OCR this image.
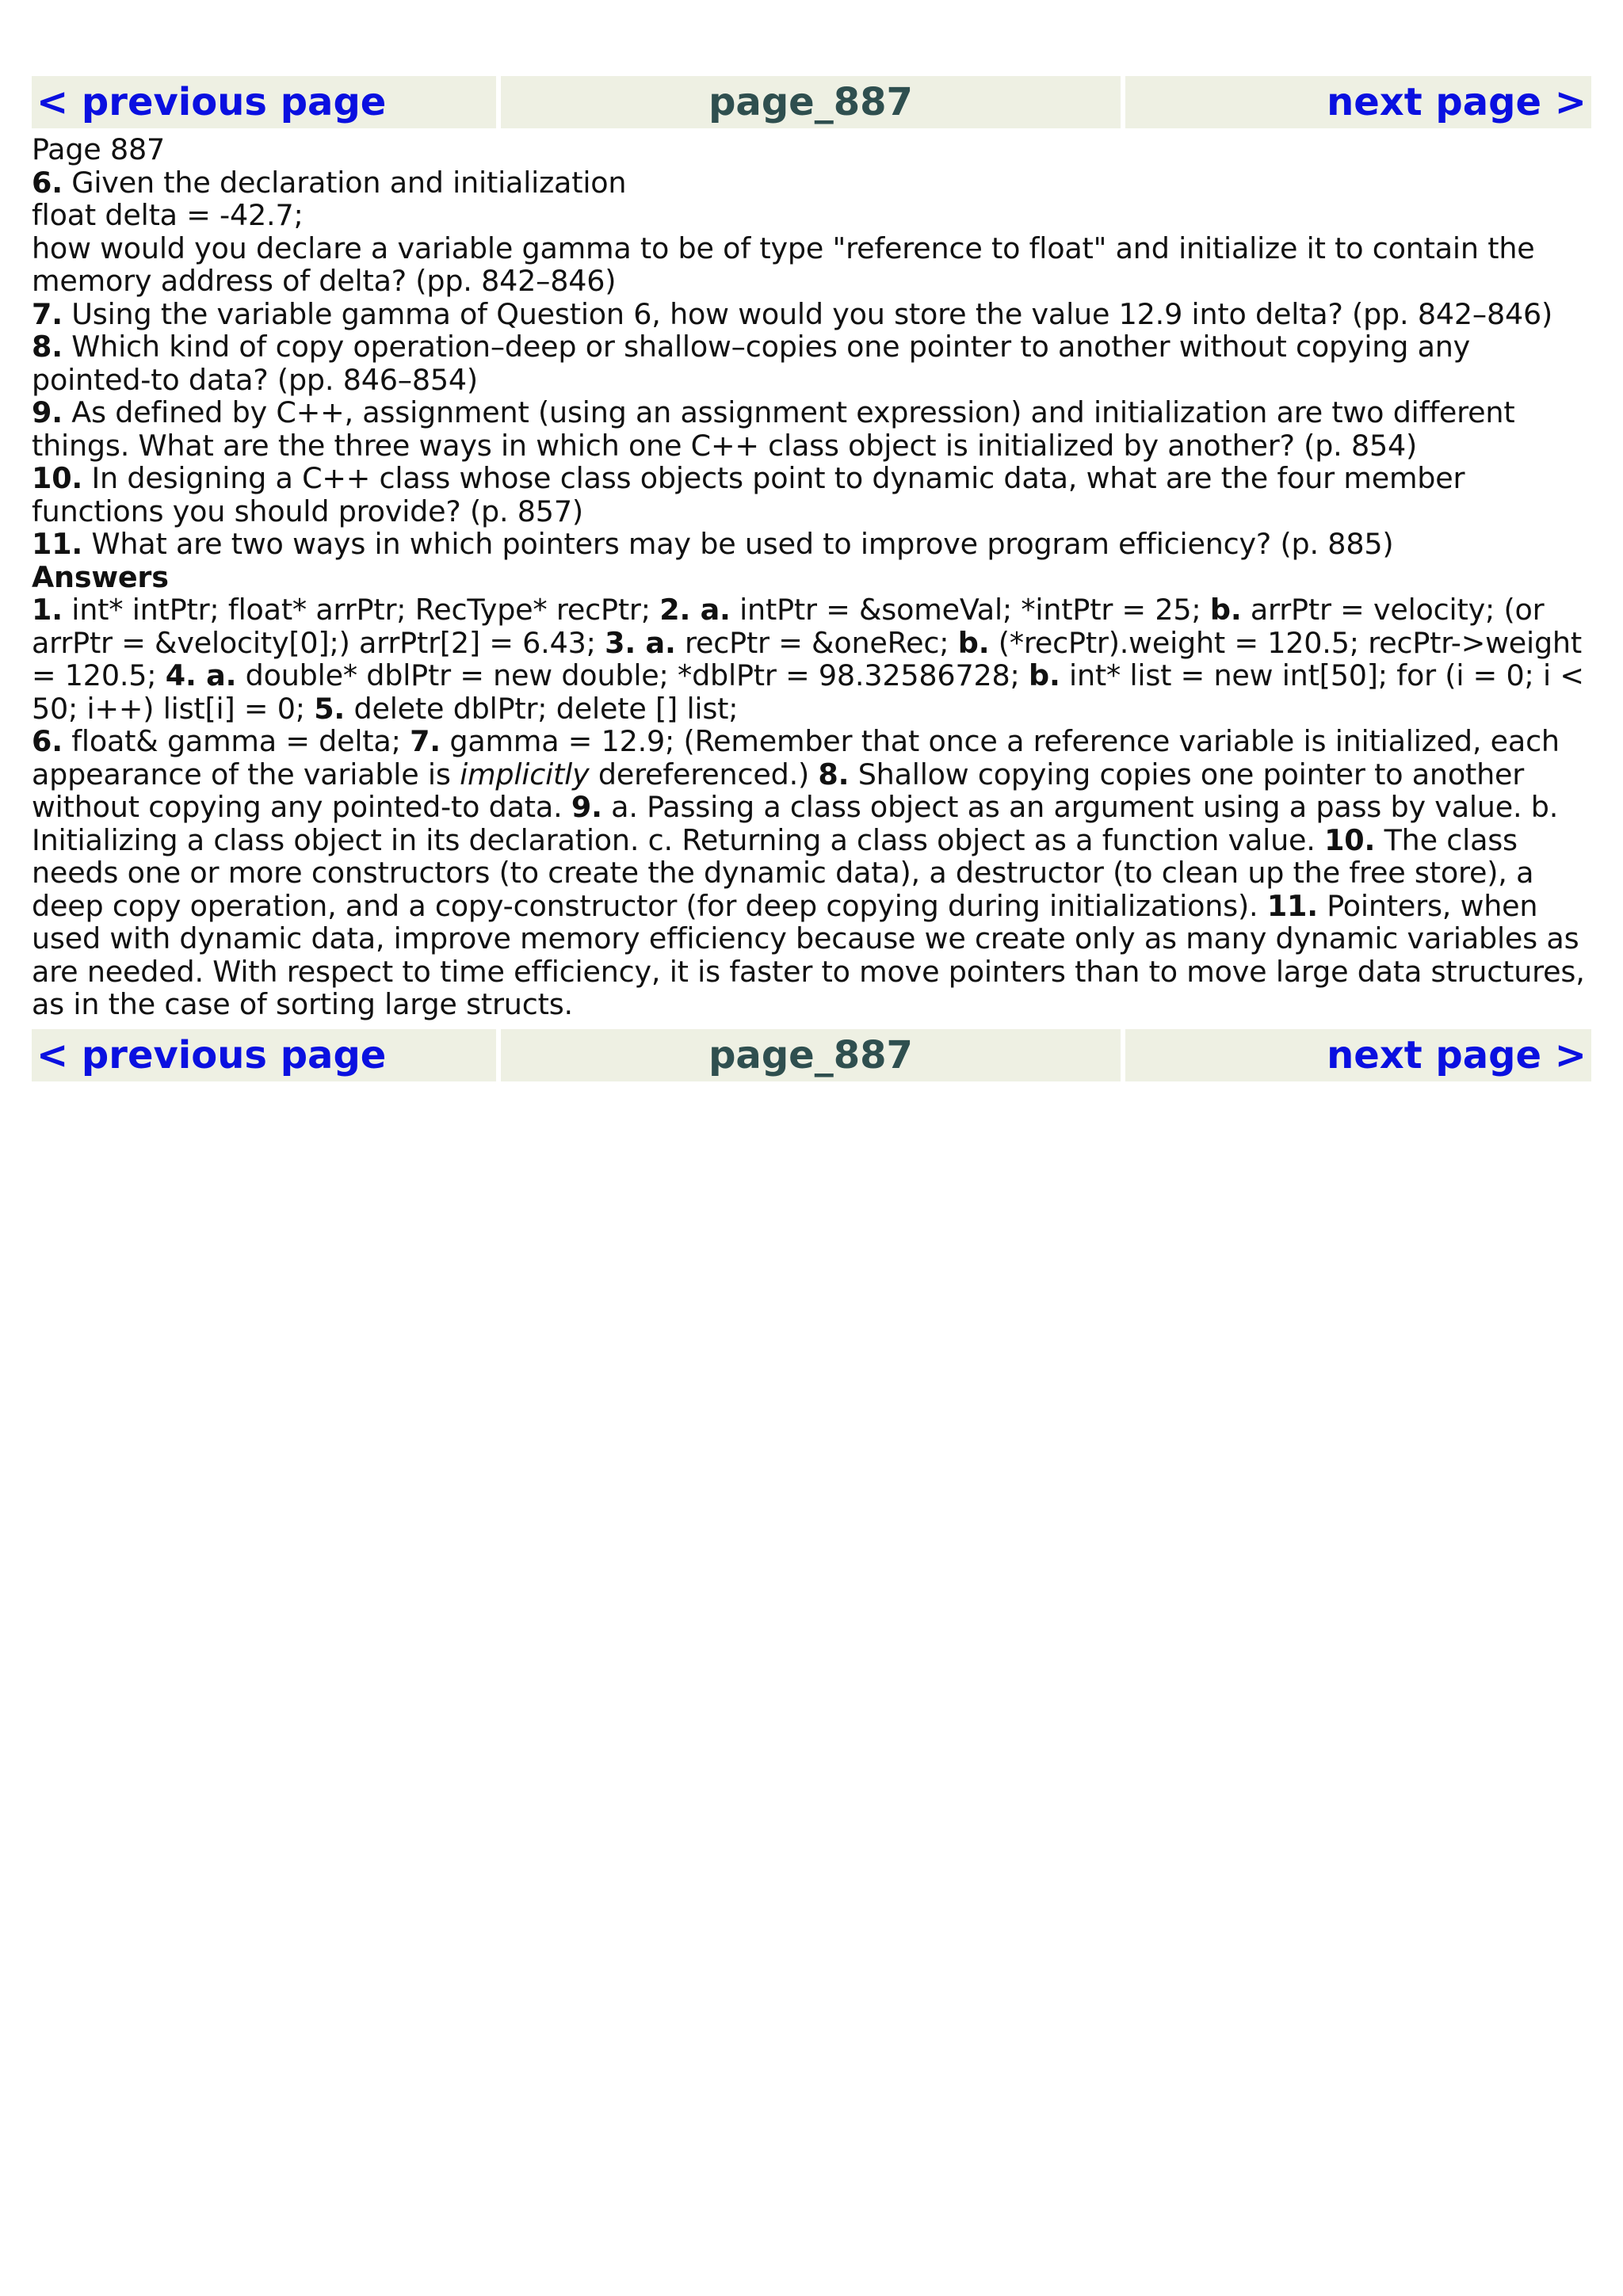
< previous page	page_887	next page >

Page 887

6. Given the declaration and initialization

float delta = -42.7;

how would you declare a variable gamma to be of type "reference to float" and initialize it to contain the memory address of delta? (pp. 842–846)

7. Using the variable gamma of Question 6, how would you store the value 12.9 into delta? (pp. 842–846)

8. Which kind of copy operation–deep or shallow–copies one pointer to another without copying any pointed-to data? (pp. 846–854)

9. As defined by C++, assignment (using an assignment expression) and initialization are two different things. What are the three ways in which one C++ class object is initialized by another? (p. 854)

10. In designing a C++ class whose class objects point to dynamic data, what are the four member functions you should provide? (p. 857)

11. What are two ways in which pointers may be used to improve program efficiency? (p. 885)

Answers

1. int* intPtr; float* arrPtr; RecType* recPtr; 2. a. intPtr = &someVal; *intPtr = 25; b. arrPtr = velocity; (or arrPtr = &velocity[0];) arrPtr[2] = 6.43; 3. a. recPtr = &oneRec; b. (*recPtr).weight = 120.5; recPtr->weight = 120.5; 4. a. double* dblPtr = new double; *dblPtr = 98.32586728; b. int* list = new int[50]; for (i = 0; i < 50; i++) list[i] = 0; 5. delete dblPtr; delete [] list;

6. float& gamma = delta; 7. gamma = 12.9; (Remember that once a reference variable is initialized, each appearance of the variable is implicitly dereferenced.) 8. Shallow copying copies one pointer to another without copying any pointed-to data. 9. a. Passing a class object as an argument using a pass by value. b. Initializing a class object in its declaration. c. Returning a class object as a function value. 10. The class needs one or more constructors (to create the dynamic data), a destructor (to clean up the free store), a deep copy operation, and a copy-constructor (for deep copying during initializations). 11. Pointers, when used with dynamic data, improve memory efficiency because we create only as many dynamic variables as are needed. With respect to time efficiency, it is faster to move pointers than to move large data structures, as in the case of sorting large structs.

< previous page	page_887	next page >
